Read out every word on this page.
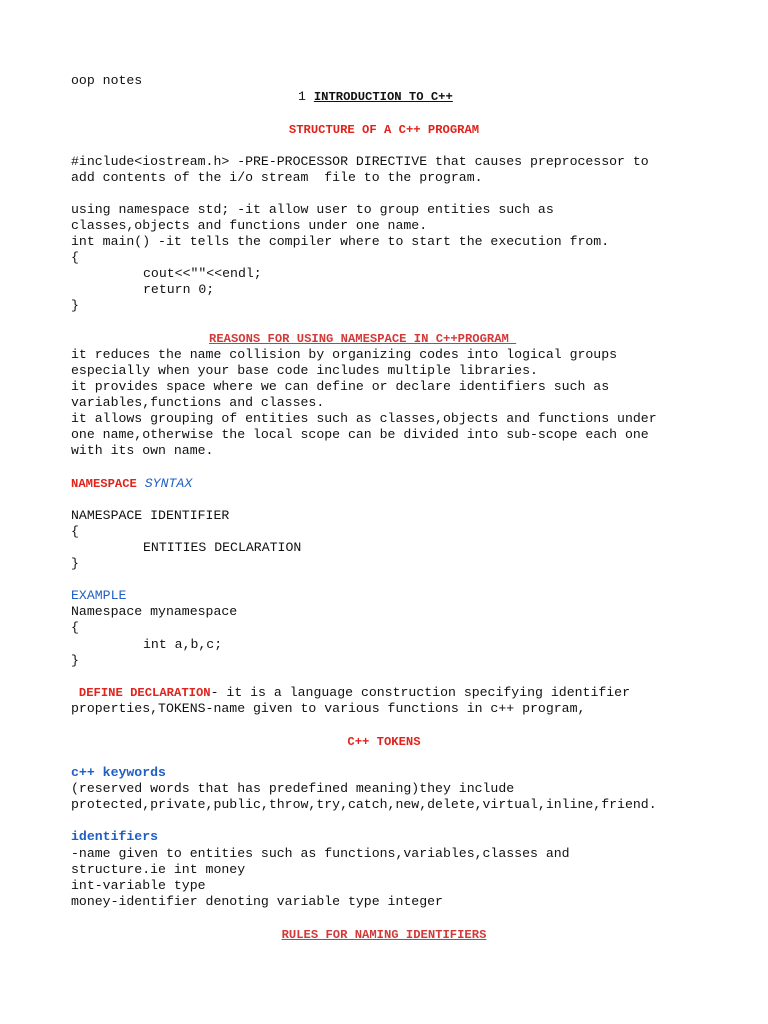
oop notes
1 INTRODUCTION TO C++
STRUCTURE OF A C++ PROGRAM
#include<iostream.h> -PRE-PROCESSOR DIRECTIVE that causes preprocessor to
add contents of the i/o stream  file to the program.
using namespace std; -it allow user to group entities such as
classes,objects and functions under one name.
int main() -it tells the compiler where to start the execution from.
{
cout<<""<<endl;
return 0;
}
REASONS FOR USING NAMESPACE IN C++PROGRAM
it reduces the name collision by organizing codes into logical groups
especially when your base code includes multiple libraries.
it provides space where we can define or declare identifiers such as
variables,functions and classes.
it allows grouping of entities such as classes,objects and functions under
one name,otherwise the local scope can be divided into sub-scope each one
with its own name.
NAMESPACE SYNTAX
NAMESPACE IDENTIFIER
{
ENTITIES DECLARATION
}
EXAMPLE
Namespace mynamespace
{
int a,b,c;
}
DEFINE DECLARATION- it is a language construction specifying identifier
properties,TOKENS-name given to various functions in c++ program,
C++ TOKENS
c++ keywords
(reserved words that has predefined meaning)they include
protected,private,public,throw,try,catch,new,delete,virtual,inline,friend.
identifiers
-name given to entities such as functions,variables,classes and
structure.ie int money
int-variable type
money-identifier denoting variable type integer
RULES FOR NAMING IDENTIFIERS
